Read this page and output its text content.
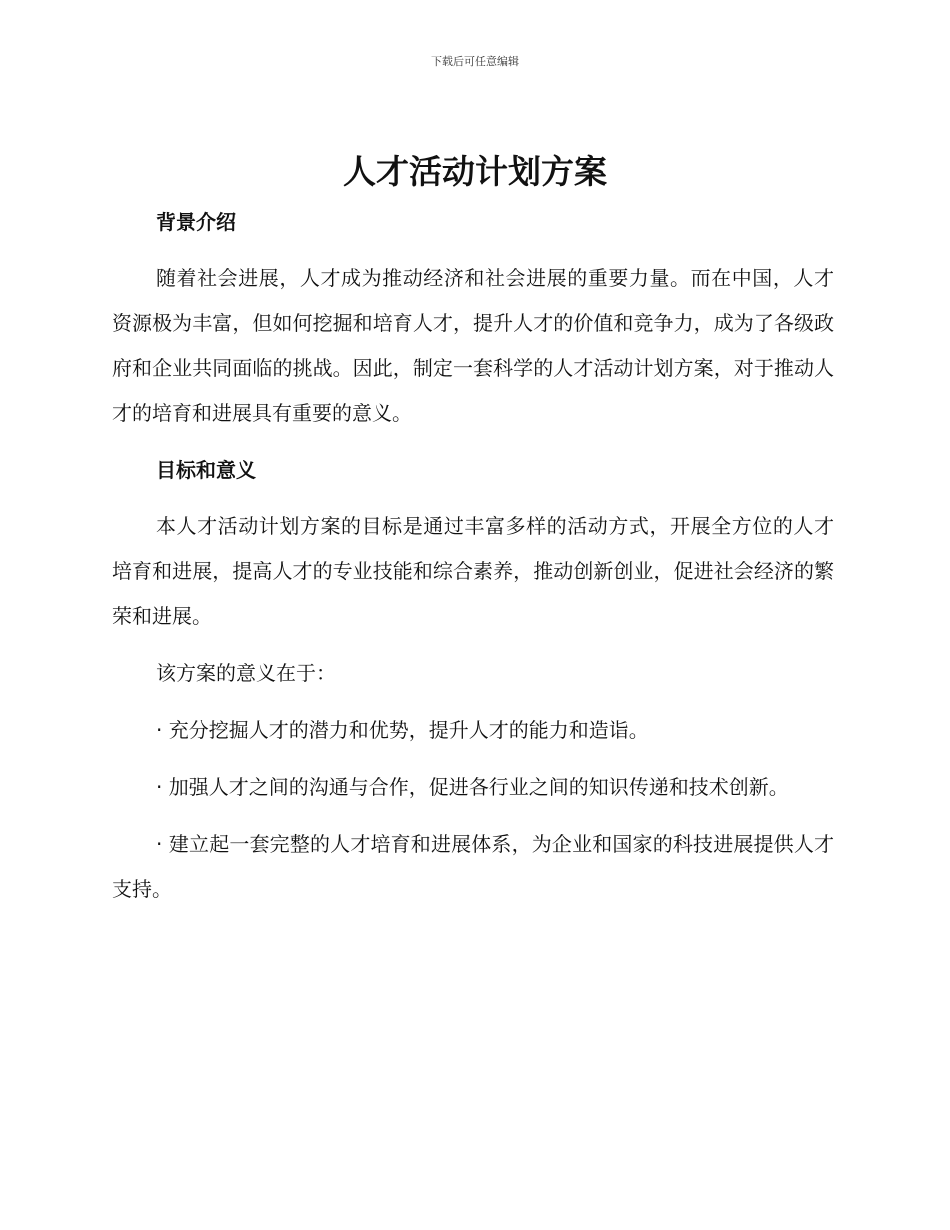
下载后可任意编辑
人才活动计划方案
背景介绍

随着社会进展，人才成为推动经济和社会进展的重要力量。而在中国，人才资源极为丰富，但如何挖掘和培育人才，提升人才的价值和竞争力，成为了各级政府和企业共同面临的挑战。因此，制定一套科学的人才活动计划方案，对于推动人才的培育和进展具有重要的意义。

目标和意义

本人才活动计划方案的目标是通过丰富多样的活动方式，开展全方位的人才培育和进展，提高人才的专业技能和综合素养，推动创新创业，促进社会经济的繁荣和进展。

该方案的意义在于：

· 充分挖掘人才的潜力和优势，提升人才的能力和造诣。

· 加强人才之间的沟通与合作，促进各行业之间的知识传递和技术创新。

· 建立起一套完整的人才培育和进展体系，为企业和国家的科技进展提供人才支持。
